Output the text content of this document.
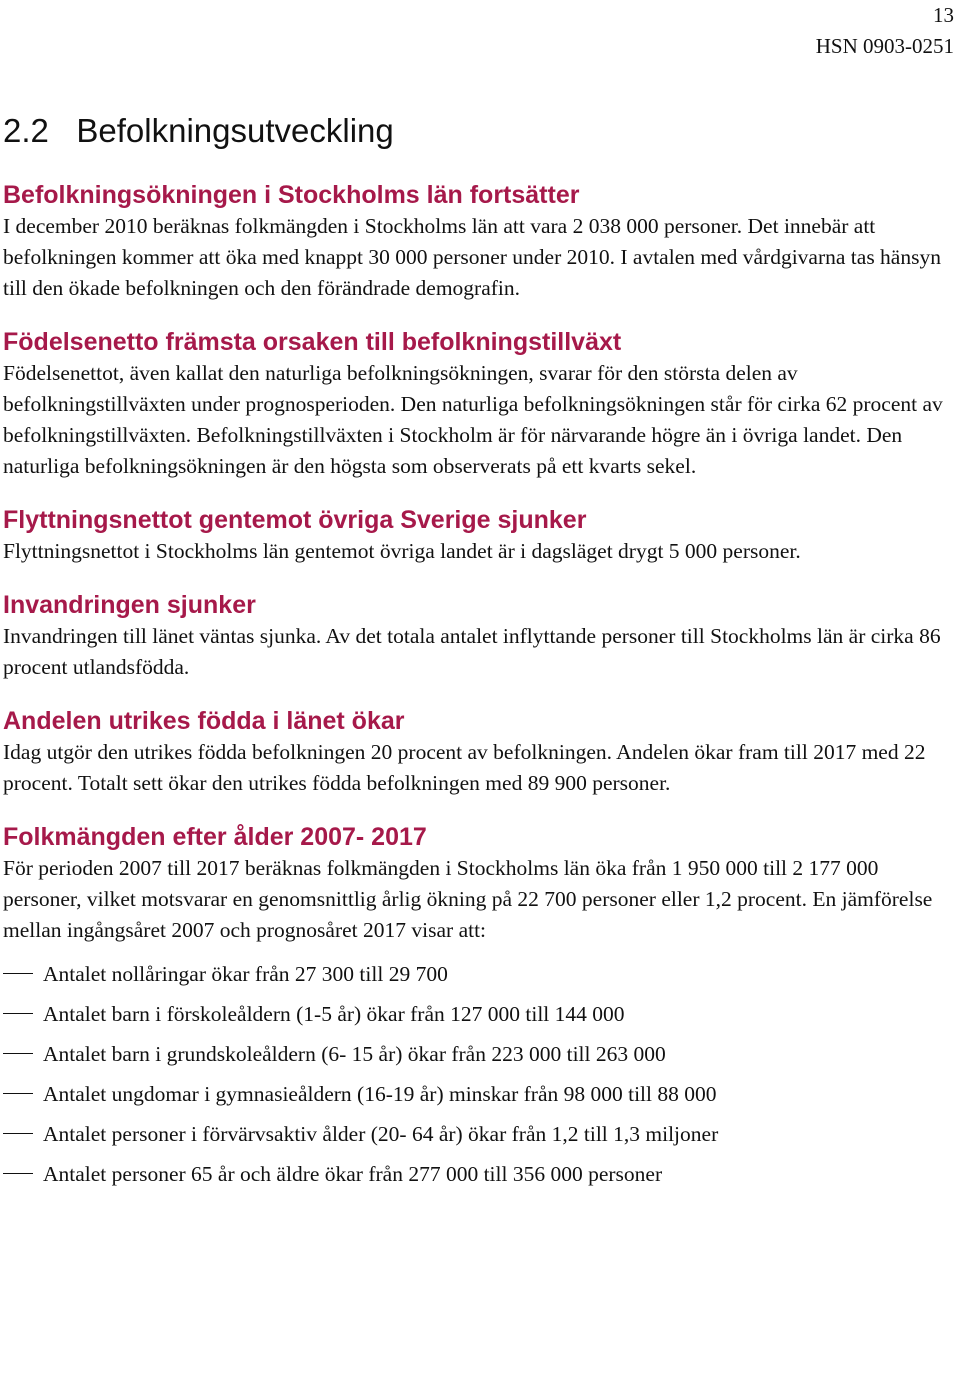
13
HSN 0903-0251
2.2   Befolkningsutveckling
Befolkningsökningen i Stockholms län fortsätter

I december 2010 beräknas folkmängden i Stockholms län att vara 2 038 000 personer. Det innebär att befolkningen kommer att öka med knappt 30 000 personer under 2010. I avtalen med vårdgivarna tas hänsyn till den ökade befolkningen och den förändrade demografin.

Födelsenetto främsta orsaken till befolkningstillväxt

Födelsenettot, även kallat den naturliga befolkningsökningen, svarar för den största delen av befolkningstillväxten under prognosperioden. Den naturliga befolkningsökningen står för cirka 62 procent av befolkningstillväxten. Befolkningstillväxten i Stockholm är för närvarande högre än i övriga landet. Den naturliga befolkningsökningen är den högsta som observerats på ett kvarts sekel.

Flyttningsnettot gentemot övriga Sverige sjunker

Flyttningsnettot i Stockholms län gentemot övriga landet är i dagsläget drygt 5 000 personer.

Invandringen sjunker

Invandringen till länet väntas sjunka. Av det totala antalet inflyttande personer till Stockholms län är cirka 86 procent utlandsfödda.

Andelen utrikes födda i länet ökar

Idag utgör den utrikes födda befolkningen 20 procent av befolkningen. Andelen ökar fram till 2017 med 22 procent. Totalt sett ökar den utrikes födda befolkningen med 89 900 personer.

Folkmängden efter ålder 2007- 2017

För perioden 2007 till 2017 beräknas folkmängden i Stockholms län öka från 1 950 000 till 2 177 000 personer, vilket motsvarar en genomsnittlig årlig ökning på 22 700 personer eller 1,2 procent. En jämförelse mellan ingångsåret 2007 och prognosåret 2017 visar att:

Antalet nollåringar ökar från 27 300 till 29 700
Antalet barn i förskoleåldern (1-5 år) ökar från 127 000 till 144 000
Antalet barn i grundskoleåldern (6- 15 år) ökar från 223 000 till 263 000
Antalet ungdomar i gymnasieåldern (16-19 år) minskar från 98 000 till 88 000
Antalet personer i förvärvsaktiv ålder (20- 64 år) ökar från 1,2 till 1,3 miljoner
Antalet personer 65 år och äldre ökar från 277 000 till 356 000 personer
